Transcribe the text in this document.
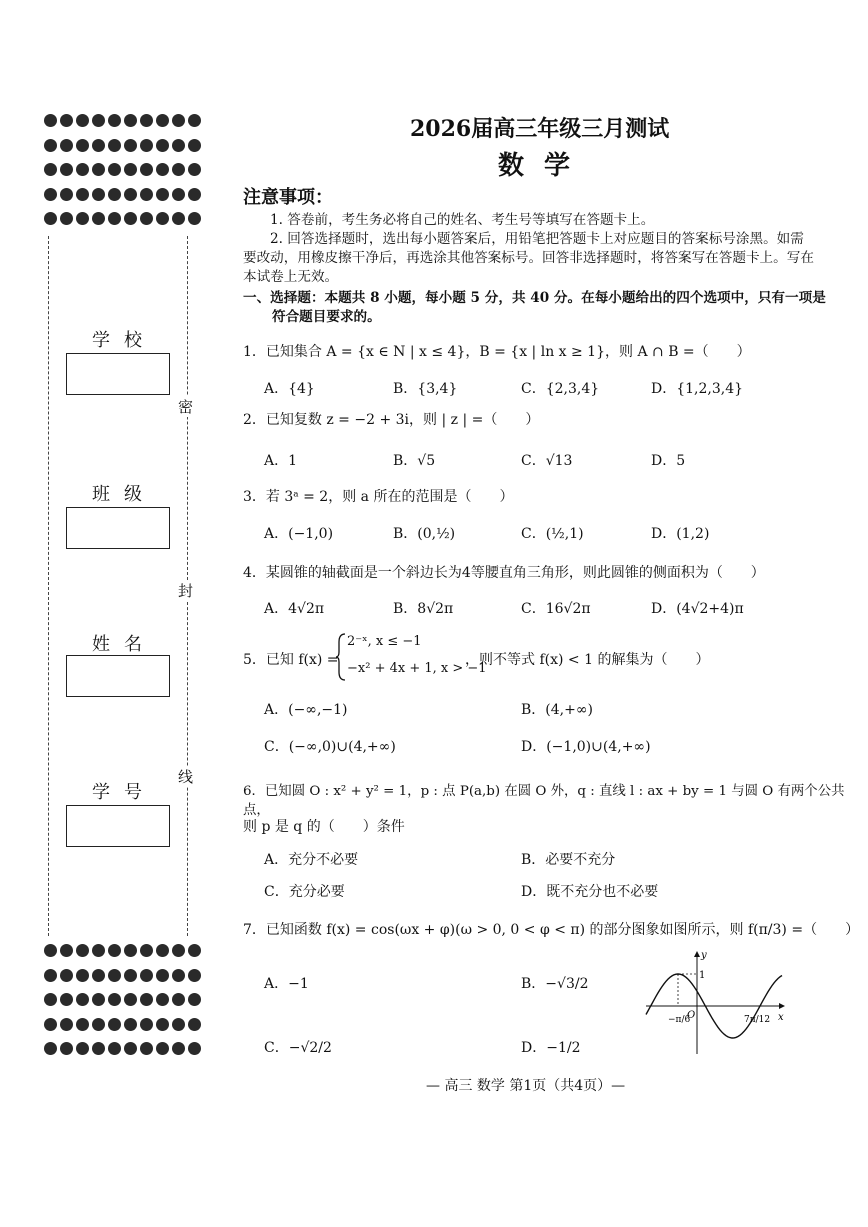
学校
班级
姓名
学号
密
封
线
2026届高三年级三月测试
数学
注意事项：
1. 答卷前，考生务必将自己的姓名、考生号等填写在答题卡上。
2. 回答选择题时，选出每小题答案后，用铅笔把答题卡上对应题目的答案标号涂黑。如需
要改动，用橡皮擦干净后，再选涂其他答案标号。回答非选择题时，将答案写在答题卡上。写在
本试卷上无效。
一、选择题：本题共 8 小题，每小题 5 分，共 40 分。在每小题给出的四个选项中，只有一项是
符合题目要求的。
1．已知集合 A = {x ∈ N | x ≤ 4}，B = {x | ln x ≥ 1}，则 A ∩ B =（　　）
A．{4}	B．{3,4}	C．{2,3,4}	D．{1,2,3,4}
2．已知复数 z = −2 + 3i，则 | z | =（　　）
A．1	B．√5	C．√13	D．5
3．若 3ᵃ = 2，则 a 所在的范围是（　　）
A．(−1,0)	B．(0,½)	C．(½,1)	D．(1,2)
4．某圆锥的轴截面是一个斜边长为4等腰直角三角形，则此圆锥的侧面积为（　　）
A．4√2π	B．8√2π	C．16√2π	D．(4√2+4)π
5．已知 f(x) =
2⁻ˣ, x ≤ −1
−x² + 4x + 1, x > −1
，则不等式 f(x) < 1 的解集为（　　）
A．(−∞,−1)	B．(4,+∞)
C．(−∞,0)∪(4,+∞)	D．(−1,0)∪(4,+∞)
6．已知圆 O : x² + y² = 1，p : 点 P(a,b) 在圆 O 外，q : 直线 l : ax + by = 1 与圆 O 有两个公共点，
则 p 是 q 的（　　）条件
A．充分不必要	B．必要不充分
C．充分必要	D．既不充分也不必要
7．已知函数 f(x) = cos(ωx + φ)(ω > 0, 0 < φ < π) 的部分图象如图所示，则 f(π/3) =（　　）
A．−1	B．−√3/2
C．−√2/2	D．−1/2
y
x
O
1
−π/6	7π/12
— 高三 数学 第1页（共4页）—
